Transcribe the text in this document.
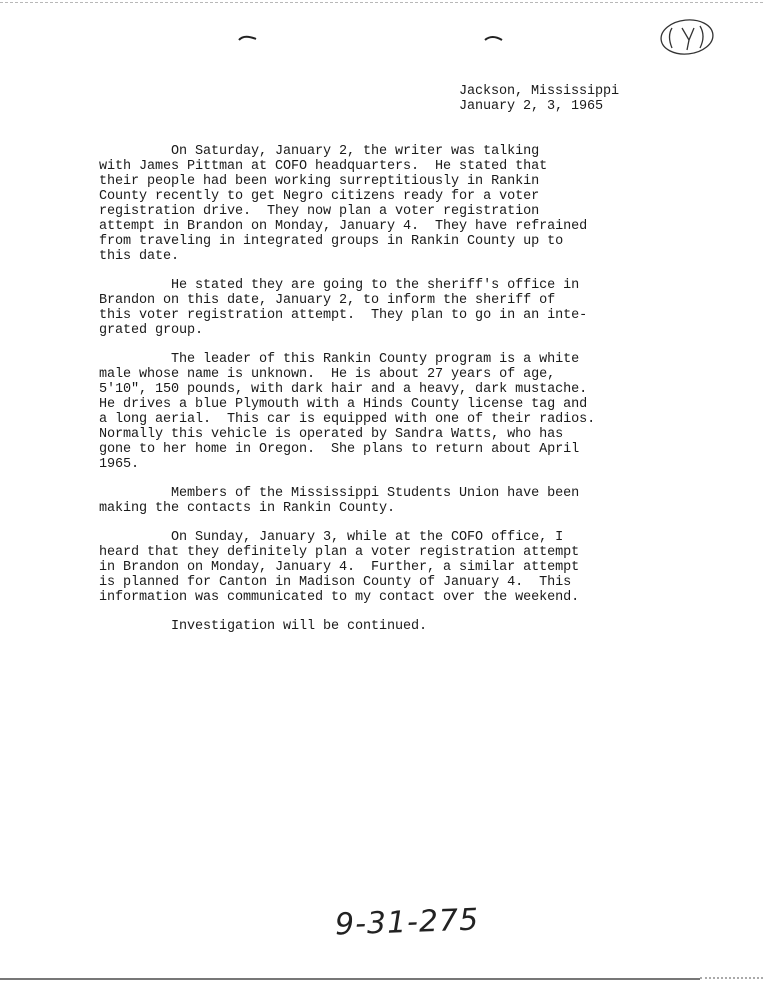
Jackson, Mississippi
January 2, 3, 1965
On Saturday, January 2, the writer was talking
with James Pittman at COFO headquarters.  He stated that
their people had been working surreptitiously in Rankin
County recently to get Negro citizens ready for a voter
registration drive.  They now plan a voter registration
attempt in Brandon on Monday, January 4.  They have refrained
from traveling in integrated groups in Rankin County up to
this date.
He stated they are going to the sheriff's office in
Brandon on this date, January 2, to inform the sheriff of
this voter registration attempt.  They plan to go in an inte-
grated group.
The leader of this Rankin County program is a white
male whose name is unknown.  He is about 27 years of age,
5'10", 150 pounds, with dark hair and a heavy, dark mustache.
He drives a blue Plymouth with a Hinds County license tag and
a long aerial.  This car is equipped with one of their radios.
Normally this vehicle is operated by Sandra Watts, who has
gone to her home in Oregon.  She plans to return about April
1965.
Members of the Mississippi Students Union have been
making the contacts in Rankin County.
On Sunday, January 3, while at the COFO office, I
heard that they definitely plan a voter registration attempt
in Brandon on Monday, January 4.  Further, a similar attempt
is planned for Canton in Madison County of January 4.  This
information was communicated to my contact over the weekend.
Investigation will be continued.
9-31-275
